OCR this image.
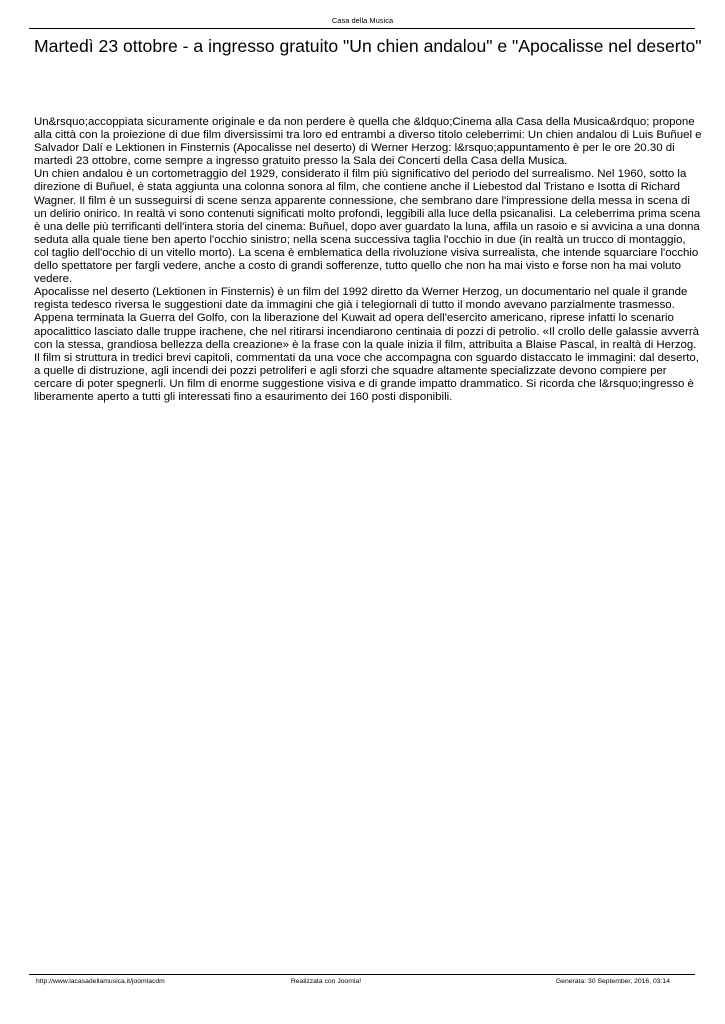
Casa della Musica
Martedì 23 ottobre - a ingresso gratuito "Un chien andalou" e "Apocalisse nel deserto"

Un&rsquo;accoppiata sicuramente originale e da non perdere è quella che &ldquo;Cinema alla Casa della Musica&rdquo; propone alla città con la proiezione di due film diversissimi tra loro ed entrambi a diverso titolo celeberrimi: Un chien andalou di Luis Buñuel e Salvador Dalí e Lektionen in Finsternis (Apocalisse nel deserto) di Werner Herzog: l&rsquo;appuntamento è per le ore 20.30 di martedì 23 ottobre, come sempre a ingresso gratuito presso la Sala dei Concerti della Casa della Musica.

Un chien andalou è un cortometraggio del 1929, considerato il film più significativo del periodo del surrealismo. Nel 1960, sotto la direzione di Buñuel, è stata aggiunta una colonna sonora al film, che contiene anche il Liebestod dal Tristano e Isotta di Richard Wagner. Il film è un susseguirsi di scene senza apparente connessione, che sembrano dare l'impressione della messa in scena di un delirio onirico. In realtà vi sono contenuti significati molto profondi, leggibili alla luce della psicanalisi. La celeberrima prima scena è una delle più terrificanti dell'intera storia del cinema: Buñuel, dopo aver guardato la luna, affila un rasoio e si avvicina a una donna seduta alla quale tiene ben aperto l'occhio sinistro; nella scena successiva taglia l'occhio in due (in realtà un trucco di montaggio, col taglio dell'occhio di un vitello morto). La scena è emblematica della rivoluzione visiva surrealista, che intende squarciare l'occhio dello spettatore per fargli vedere, anche a costo di grandi sofferenze, tutto quello che non ha mai visto e forse non ha mai voluto vedere.

Apocalisse nel deserto (Lektionen in Finsternis) è un film del 1992 diretto da Werner Herzog, un documentario nel quale il grande regista tedesco riversa le suggestioni date da immagini che già i telegiornali di tutto il mondo avevano parzialmente trasmesso. Appena terminata la Guerra del Golfo, con la liberazione del Kuwait ad opera dell'esercito americano, riprese infatti lo scenario apocalittico lasciato dalle truppe irachene, che nel ritirarsi incendiarono centinaia di pozzi di petrolio. «Il crollo delle galassie avverrà con la stessa, grandiosa bellezza della creazione» è la frase con la quale inizia il film, attribuita a Blaise Pascal, in realtà di Herzog. Il film si struttura in tredici brevi capitoli, commentati da una voce che accompagna con sguardo distaccato le immagini: dal deserto, a quelle di distruzione, agli incendi dei pozzi petroliferi e agli sforzi che squadre altamente specializzate devono compiere per cercare di poter spegnerli. Un film di enorme suggestione visiva e di grande impatto drammatico. Si ricorda che l&rsquo;ingresso è liberamente aperto a tutti gli interessati fino a esaurimento dei 160 posti disponibili.

http://www.lacasadellamusica.it/joomlacdm	Realizzata con Joomla!	Generata: 30 September, 2016, 03:14
